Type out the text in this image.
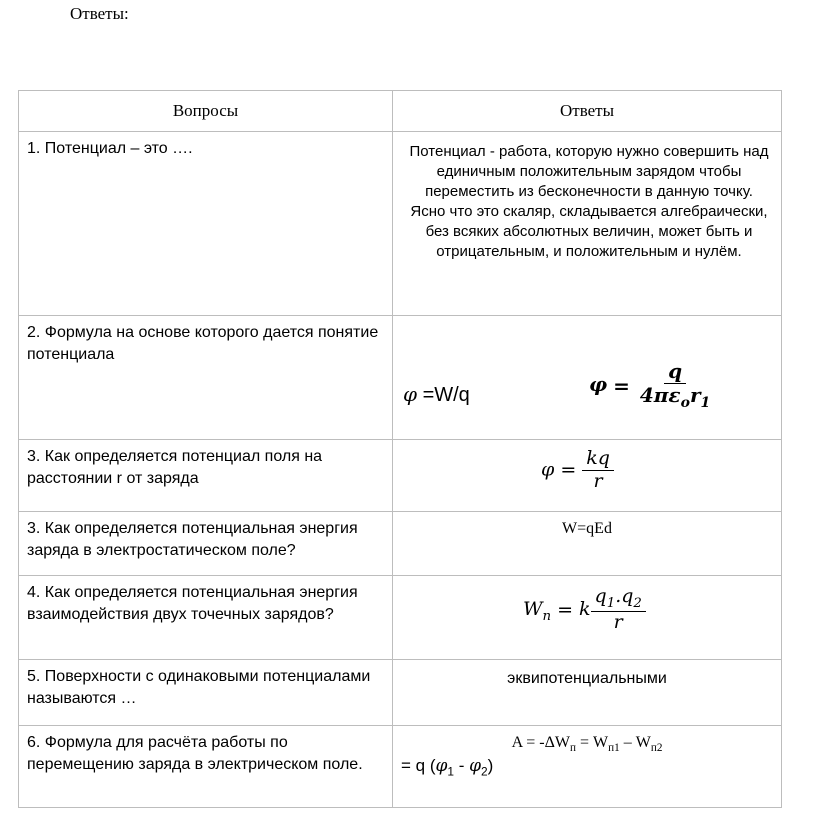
Ответы:
Вопросы	Ответы
1. Потенциал – это ….	Потенциал - работа, которую нужно совершить над единичным положительным зарядом чтобы переместить из бесконечности в данную точку.

Ясно что это скаляр, складывается алгебраически, без всяких абсолютных величин, может быть и отрицательным, и положительным и нулём.

2. Формула на основе которого дается понятие потенциала	φ =W/q $\varphi = \frac{q}{4\pi\varepsilon_or_1}$

3. Как определяется потенциал поля на расстоянии r от заряда	$\varphi = \frac{kq}{r}$

3. Как определяется потенциальная энергия заряда в электростатическом поле?	W=qEd

4. Как определяется потенциальная энергия взаимодействия двух точечных зарядов?	$W_n = k \frac{q_1.q_2}{r}$

5. Поверхности с одинаковыми потенциалами называются …	эквипотенциальными

6. Формула для расчёта работы по перемещению заряда в электрическом поле.	$A = -\Delta W_п = W_{п1} - W_{п2}$
= q $(\varphi_1 - \varphi_2)$
